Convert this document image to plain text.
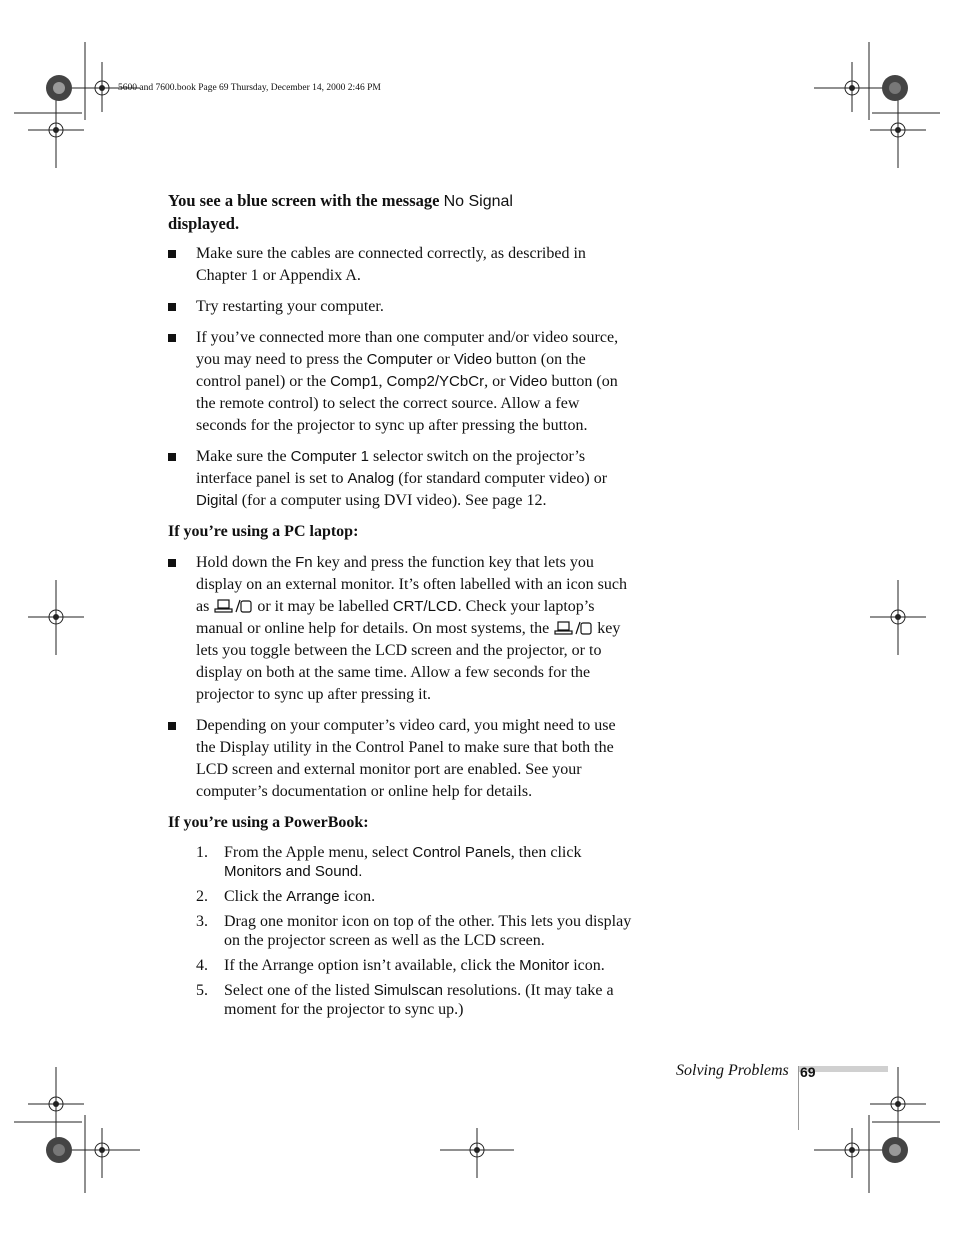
5600 and 7600.book Page 69 Thursday, December 14, 2000 2:46 PM
You see a blue screen with the message No Signal
displayed.
Make sure the cables are connected correctly, as described in Chapter 1 or Appendix A.
Try restarting your computer.
If you’ve connected more than one computer and/or video source, you may need to press the Computer or Video button (on the control panel) or the Comp1, Comp2/YCbCr, or Video button (on the remote control) to select the correct source. Allow a few seconds for the projector to sync up after pressing the button.
Make sure the Computer 1 selector switch on the projector’s interface panel is set to Analog (for standard computer video) or Digital (for a computer using DVI video). See page 12.
If you’re using a PC laptop:
Hold down the Fn key and press the function key that lets you display on an external monitor. It’s often labelled with an icon such as	or it may be labelled CRT/LCD. Check your laptop’s manual or online help for details. On most systems, the	key lets you toggle between the LCD screen and the projector, or to display on both at the same time. Allow a few seconds for the projector to sync up after pressing it.
Depending on your computer’s video card, you might need to use the Display utility in the Control Panel to make sure that both the LCD screen and external monitor port are enabled. See your computer’s documentation or online help for details.
If you’re using a PowerBook:
1. From the Apple menu, select Control Panels, then click
Monitors and Sound.
2. Click the Arrange icon.
3. Drag one monitor icon on top of the other. This lets you display on the projector screen as well as the LCD screen.
4. If the Arrange option isn’t available, click the Monitor icon.
5. Select one of the listed Simulscan resolutions. (It may take a moment for the projector to sync up.)
Solving Problems 69
